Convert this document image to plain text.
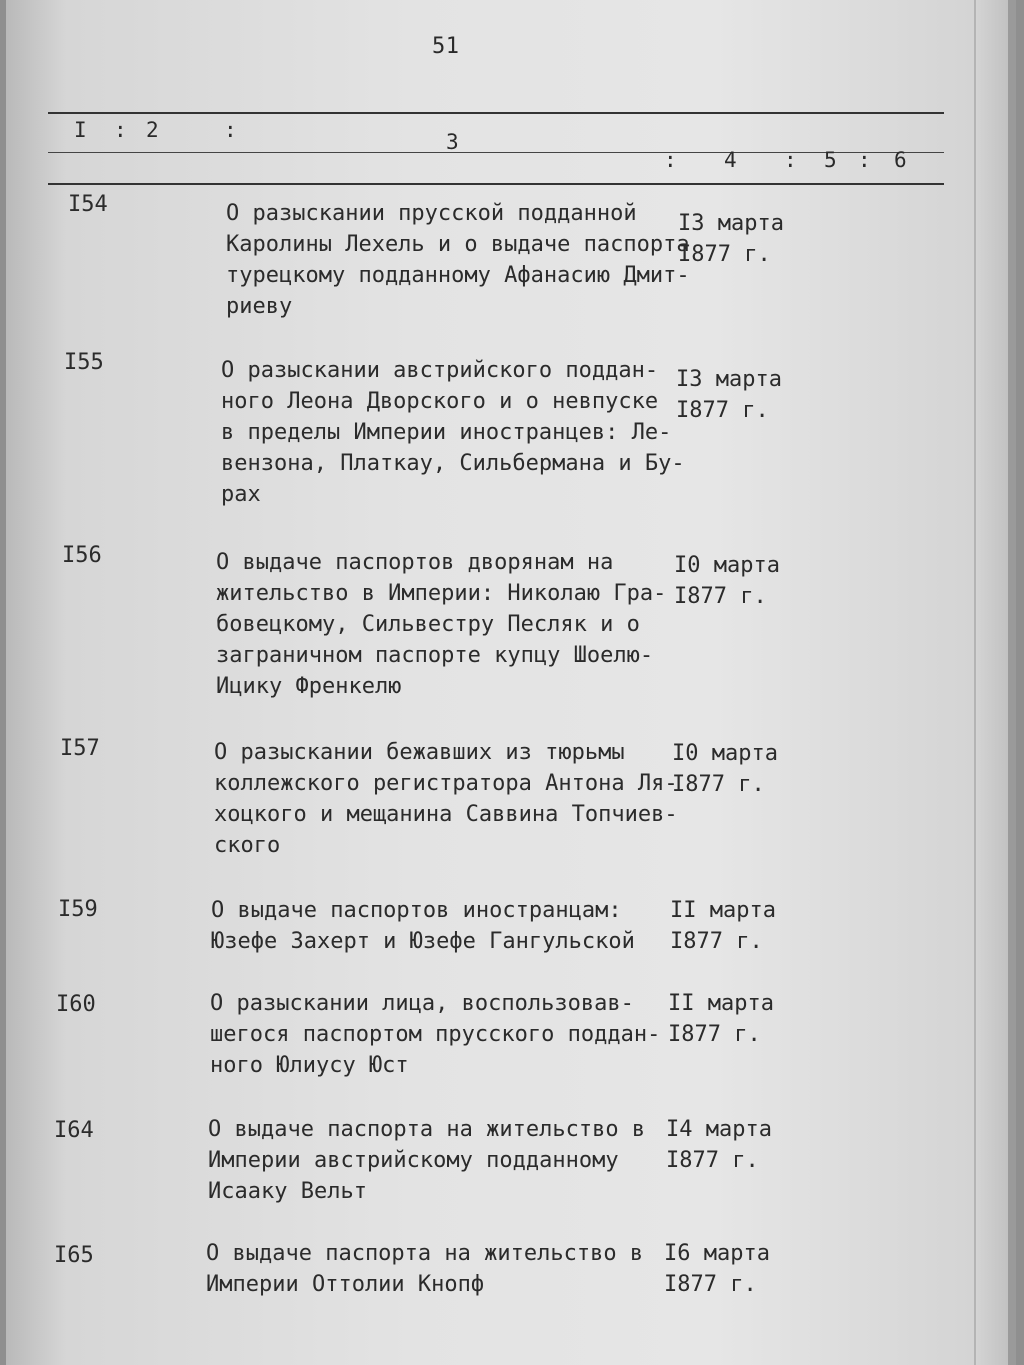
51
I : 2	:	3
: 4 : 5 : 6
I54	О разыскании прусской подданной
Каролины Лехель и о выдаче паспорта
турецкому подданному Афанасию Дмит-
риеву
I3 марта
I877 г.
I55	О разыскании австрийского поддан-
ного Леона Дворского и о невпуске
в пределы Империи иностранцев: Ле-
вензона, Платкау, Сильбермана и Бу-
рах
I3 марта
I877 г.
I56	О выдаче паспортов дворянам на
жительство в Империи: Николаю Гра-
бовецкому, Сильвестру Песляк и о
заграничном паспорте купцу Шоелю-
Ицику Френкелю
I0 марта
I877 г.
I57	О разыскании бежавших из тюрьмы
коллежского регистратора Антона Ля-
хоцкого и мещанина Саввина Топчиев-
ского
I0 марта
I877 г.
I59	О выдаче паспортов иностранцам:
Юзефе Захерт и Юзефе Гангульской
II марта
I877 г.
I60	О разыскании лица, воспользовав-
шегося паспортом прусского поддан-
ного Юлиусу Юст
II марта
I877 г.
I64	О выдаче паспорта на жительство в
Империи австрийскому подданному
Исааку Вельт
I4 марта
I877 г.
I65	О выдаче паспорта на жительство в
Империи Оттолии Кнопф
I6 марта
I877 г.
